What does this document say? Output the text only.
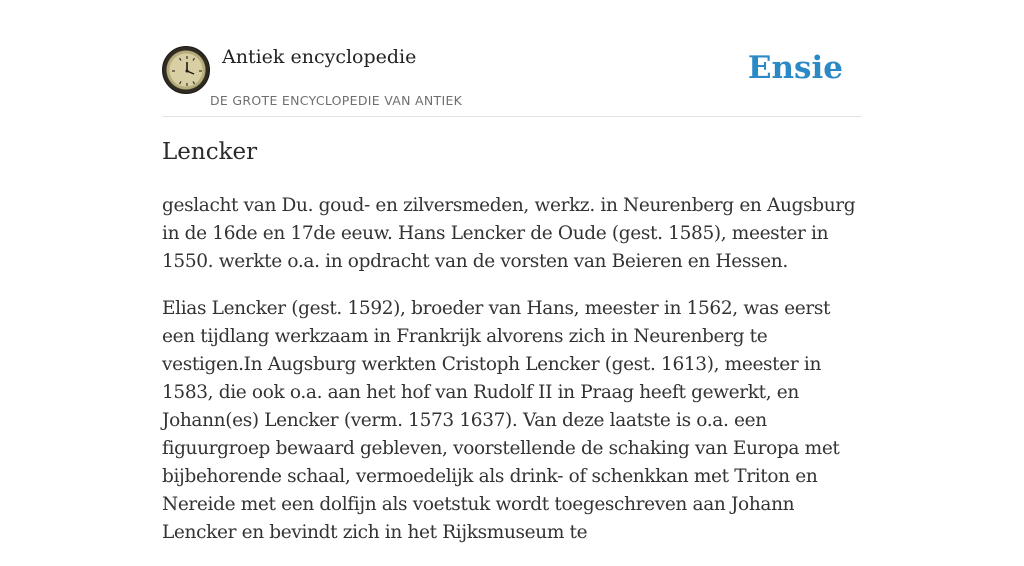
Antiek encyclopedie
DE GROTE ENCYCLOPEDIE VAN ANTIEK
Ensie
Lencker

geslacht van Du. goud- en zilversmeden, werkz. in Neurenberg en Augsburg in de 16de en 17de eeuw. Hans Lencker de Oude (gest. 1585), meester in 1550. werkte o.a. in opdracht van de vorsten van Beieren en Hessen.

Elias Lencker (gest. 1592), broeder van Hans, meester in 1562, was eerst een tijdlang werkzaam in Frankrijk alvorens zich in Neurenberg te vestigen.In Augsburg werkten Cristoph Lencker (gest. 1613), meester in 1583, die ook o.a. aan het hof van Rudolf II in Praag heeft gewerkt, en Johann(es) Lencker (verm. 1573 1637). Van deze laatste is o.a. een figuurgroep bewaard gebleven, voorstellende de schaking van Europa met bijbehorende schaal, vermoedelijk als drink- of schenkkan met Triton en Nereide met een dolfijn als voetstuk wordt toegeschreven aan Johann Lencker en bevindt zich in het Rijksmuseum te
